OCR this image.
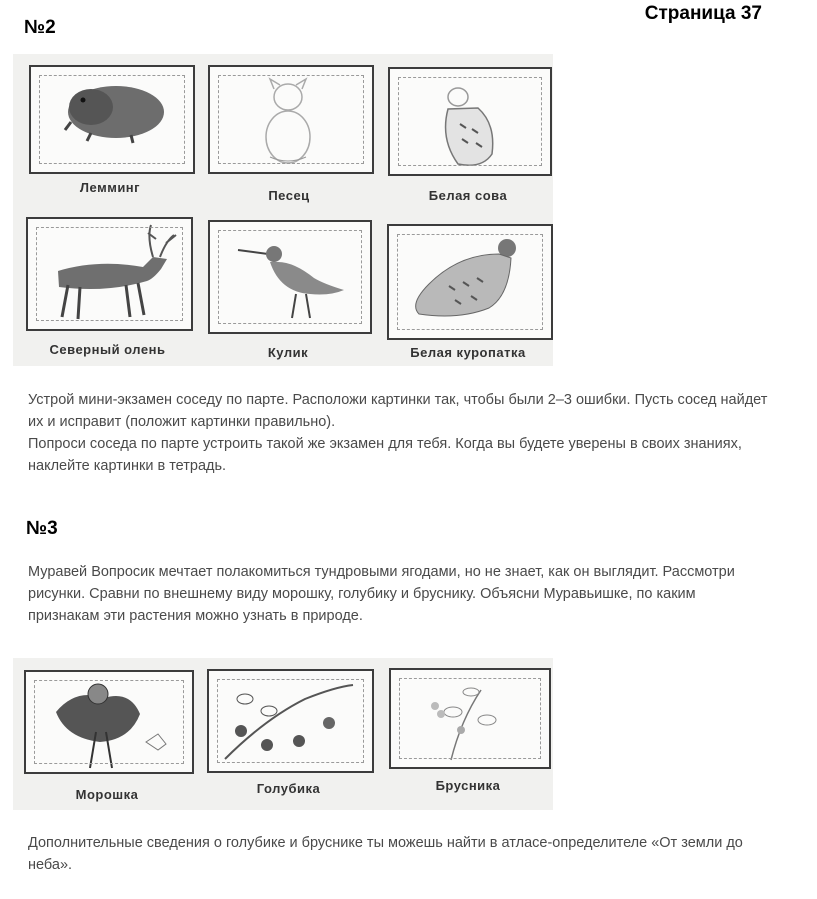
Страница 37
№2
Лемминг
Песец	Белая сова
Северный олень	Кулик	Белая куропатка

Устрой мини-экзамен соседу по парте. Расположи картинки так, чтобы были 2–3 ошибки. Пусть сосед найдет их и исправит (положит картинки правильно).

Попроси соседа по парте устроить такой же экзамен для тебя. Когда вы будете уверены в своих знаниях, наклейте картинки в тетрадь.

№3

Муравей Вопросик мечтает полакомиться тундровыми ягодами, но не знает, как он выглядит. Рассмотри рисунки. Сравни по внешнему виду морошку, голубику и бруснику. Объясни Муравьишке, по каким признакам эти растения можно узнать в природе.

Морошка	Голубика	Брусника

Дополнительные сведения о голубике и бруснике ты можешь найти в атласе-определителе «От земли до неба».
